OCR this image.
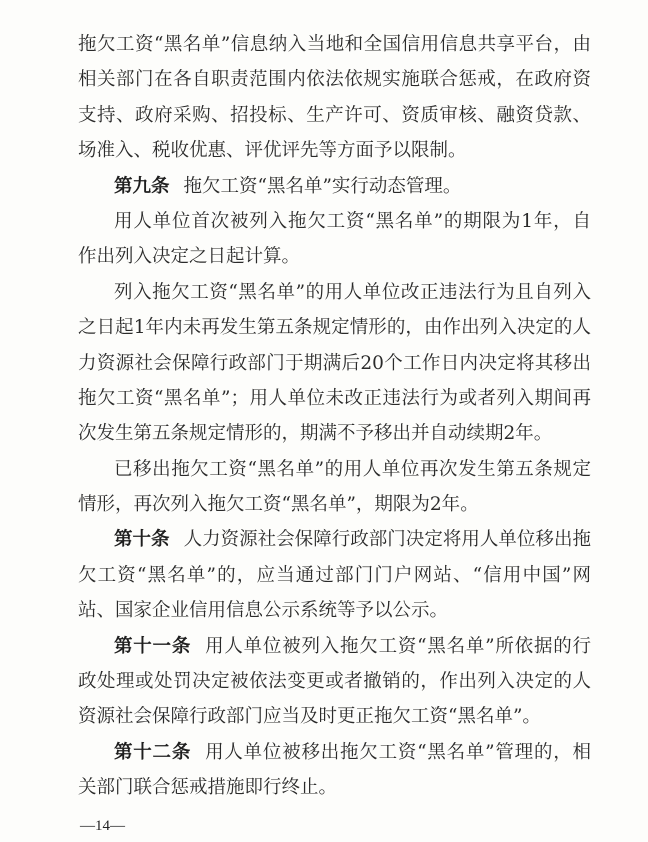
拖欠工资“黑名单”信息纳入当地和全国信用信息共享平台，由
相关部门在各自职责范围内依法依规实施联合惩戒，在政府资
支持、政府采购、招投标、生产许可、资质审核、融资贷款、
场准入、税收优惠、评优评先等方面予以限制。
第九条 拖欠工资“黑名单”实行动态管理。
用人单位首次被列入拖欠工资“黑名单”的期限为1年，自
作出列入决定之日起计算。
列入拖欠工资“黑名单”的用人单位改正违法行为且自列入
之日起1年内未再发生第五条规定情形的，由作出列入决定的人
力资源社会保障行政部门于期满后20个工作日内决定将其移出
拖欠工资“黑名单”；用人单位未改正违法行为或者列入期间再
次发生第五条规定情形的，期满不予移出并自动续期2年。
已移出拖欠工资“黑名单”的用人单位再次发生第五条规定
情形，再次列入拖欠工资“黑名单”，期限为2年。
第十条 人力资源社会保障行政部门决定将用人单位移出拖
欠工资“黑名单”的，应当通过部门门户网站、“信用中国”网
站、国家企业信用信息公示系统等予以公示。
第十一条 用人单位被列入拖欠工资“黑名单”所依据的行
政处理或处罚决定被依法变更或者撤销的，作出列入决定的人
资源社会保障行政部门应当及时更正拖欠工资“黑名单”。
第十二条 用人单位被移出拖欠工资“黑名单”管理的，相
关部门联合惩戒措施即行终止。
—14—
